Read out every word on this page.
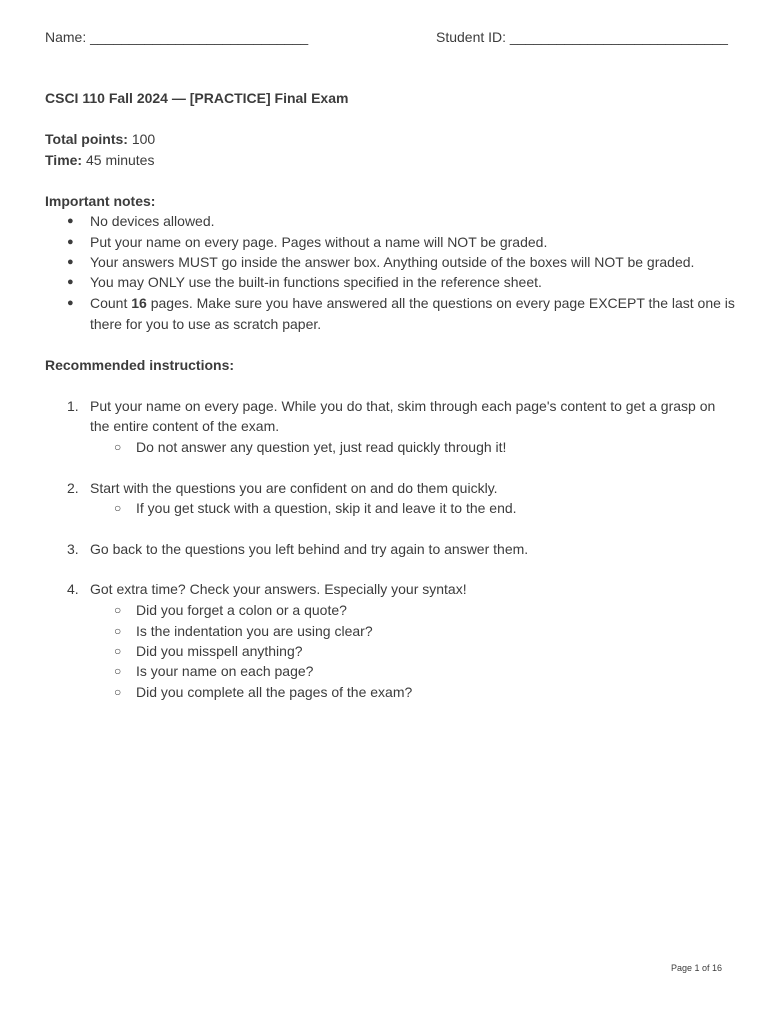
Name: ____________________________	Student ID: ____________________________
CSCI 110 Fall 2024 — [PRACTICE] Final Exam
Total points: 100
Time: 45 minutes
Important notes:
● No devices allowed.
● Put your name on every page. Pages without a name will NOT be graded.
● Your answers MUST go inside the answer box. Anything outside of the boxes will NOT be graded.
● You may ONLY use the built-in functions specified in the reference sheet.
● Count 16 pages. Make sure you have answered all the questions on every page EXCEPT the last one is
there for you to use as scratch paper.
Recommended instructions:
1. Put your name on every page. While you do that, skim through each page's content to get a grasp on
the entire content of the exam.
○ Do not answer any question yet, just read quickly through it!
2. Start with the questions you are confident on and do them quickly.
○ If you get stuck with a question, skip it and leave it to the end.
3. Go back to the questions you left behind and try again to answer them.
4. Got extra time? Check your answers. Especially your syntax!
○ Did you forget a colon or a quote?
○ Is the indentation you are using clear?
○ Did you misspell anything?
○ Is your name on each page?
○ Did you complete all the pages of the exam?
Page 1 of 16
